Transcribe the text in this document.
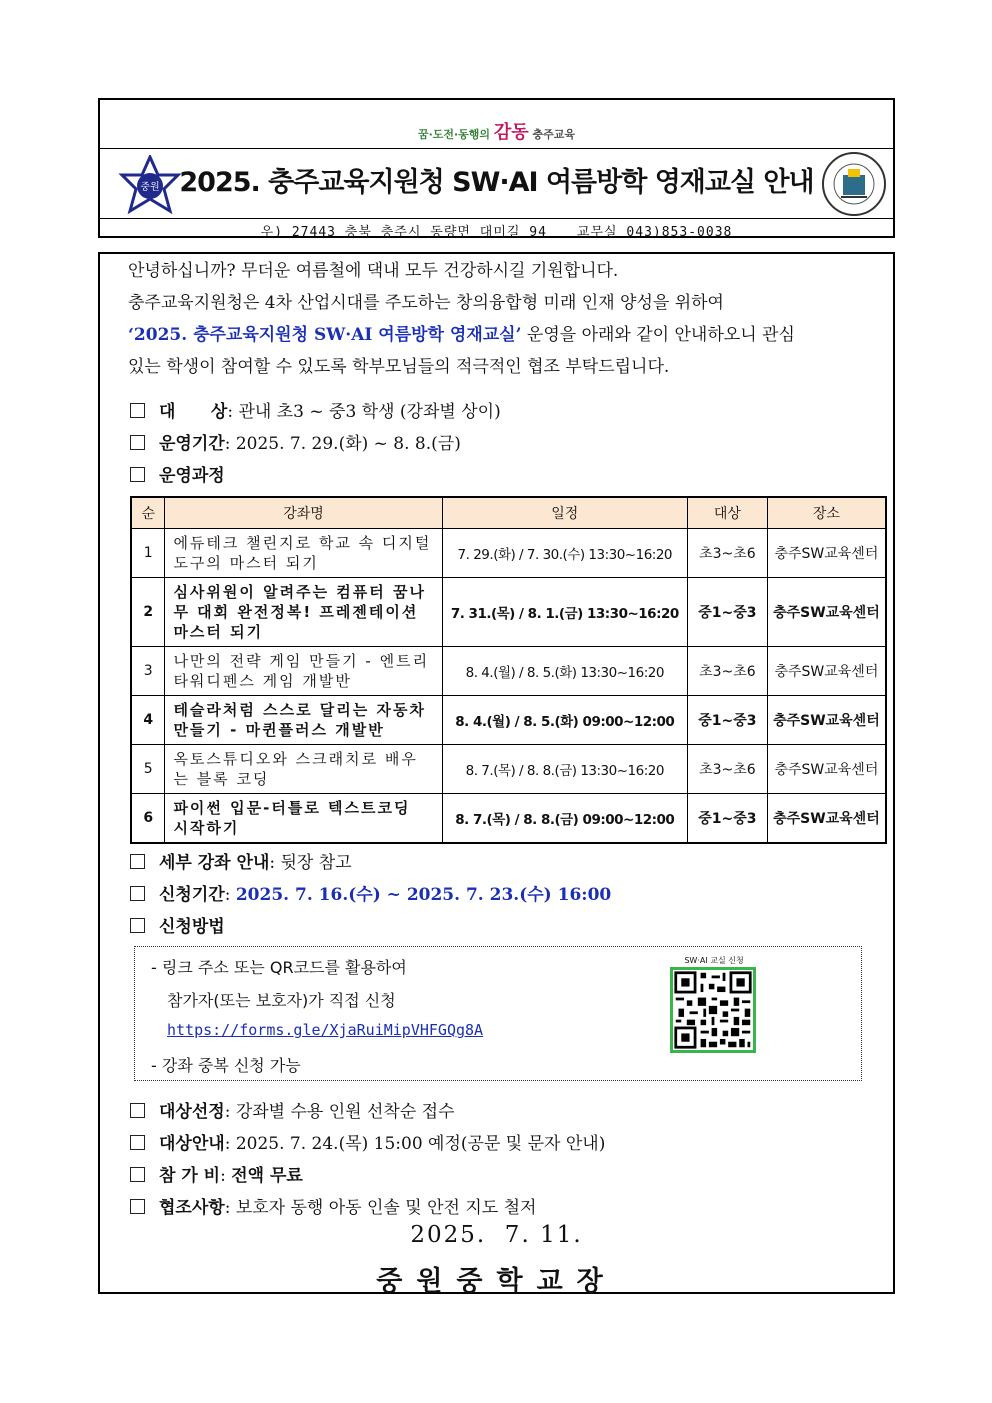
꿈·도전·동행의 감동 충주교육
중원 2025. 충주교육지원청 SW·AI 여름방학 영재교실 안내
우) 27443 충북 충주시 동량면 대미길 94 교무실 043)853-0038
안녕하십니까? 무더운 여름철에 댁내 모두 건강하시길 기원합니다.
충주교육지원청은 4차 산업시대를 주도하는 창의융합형 미래 인재 양성을 위하여
‘2025. 충주교육지원청 SW·AI 여름방학 영재교실’ 운영을 아래와 같이 안내하오니 관심
있는 학생이 참여할 수 있도록 학부모님들의 적극적인 협조 부탁드립니다.
대      상: 관내 초3 ~ 중3 학생 (강좌별 상이)
운영기간: 2025. 7. 29.(화) ~ 8. 8.(금)
운영과정
순	강좌명	일정	대상	장소
1	에듀테크 챌린지로 학교 속 디지털 도구의 마스터 되기	7. 29.(화) / 7. 30.(수) 13:30~16:20	초3~초6	충주SW교육센터
2	심사위원이 알려주는 컴퓨터 꿈나무 대회 완전정복! 프레젠테이션 마스터 되기	7. 31.(목) / 8. 1.(금) 13:30~16:20	중1~중3	충주SW교육센터
3	나만의 전략 게임 만들기 - 엔트리 타워디펜스 게임 개발반	8. 4.(월) / 8. 5.(화) 13:30~16:20	초3~초6	충주SW교육센터
4	테슬라처럼 스스로 달리는 자동차 만들기 - 마퀸플러스 개발반	8. 4.(월) / 8. 5.(화) 09:00~12:00	중1~중3	충주SW교육센터
5	옥토스튜디오와 스크래치로 배우는 블록 코딩	8. 7.(목) / 8. 8.(금) 13:30~16:20	초3~초6	충주SW교육센터
6	파이썬 입문-터틀로 텍스트코딩 시작하기	8. 7.(목) / 8. 8.(금) 09:00~12:00	중1~중3	충주SW교육센터
세부 강좌 안내: 뒷장 참고
신청기간: 2025. 7. 16.(수) ~ 2025. 7. 23.(수) 16:00
신청방법
- 링크 주소 또는 QR코드를 활용하여
참가자(또는 보호자)가 직접 신청
https://forms.gle/XjaRuiMipVHFGQg8A
- 강좌 중복 신청 가능
SW·AI 교실 신청
대상선정: 강좌별 수용 인원 선착순 접수
대상안내: 2025. 7. 24.(목) 15:00 예정(공문 및 문자 안내)
참 가 비: 전액 무료
협조사항: 보호자 동행 아동 인솔 및 안전 지도 철저
2025.  7. 11.
중원중학교장
